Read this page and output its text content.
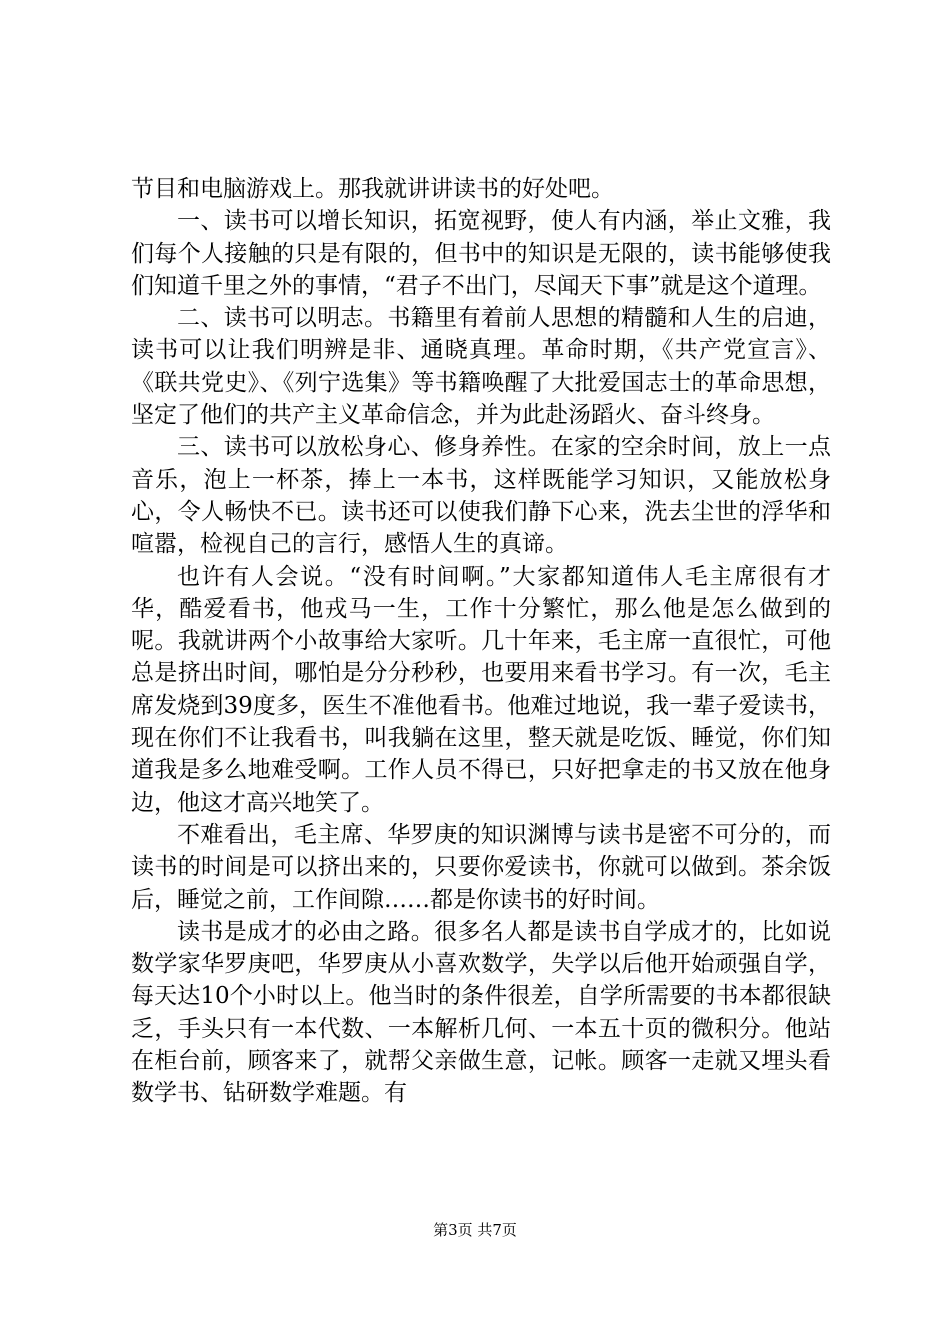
节目和电脑游戏上。那我就讲讲读书的好处吧。

一、读书可以增长知识，拓宽视野，使人有内涵，举止文雅，我们每个人接触的只是有限的，但书中的知识是无限的，读书能够使我们知道千里之外的事情，“君子不出门，尽闻天下事”就是这个道理。

二、读书可以明志。书籍里有着前人思想的精髓和人生的启迪，读书可以让我们明辨是非、通晓真理。革命时期，《共产党宣言》、《联共党史》、《列宁选集》等书籍唤醒了大批爱国志士的革命思想，坚定了他们的共产主义革命信念，并为此赴汤蹈火、奋斗终身。

三、读书可以放松身心、修身养性。在家的空余时间，放上一点音乐，泡上一杯茶，捧上一本书，这样既能学习知识，又能放松身心，令人畅快不已。读书还可以使我们静下心来，洗去尘世的浮华和喧嚣，检视自己的言行，感悟人生的真谛。

也许有人会说。“没有时间啊。”大家都知道伟人毛主席很有才华，酷爱看书，他戎马一生，工作十分繁忙，那么他是怎么做到的呢。我就讲两个小故事给大家听。几十年来，毛主席一直很忙，可他总是挤出时间，哪怕是分分秒秒，也要用来看书学习。有一次，毛主席发烧到39度多，医生不准他看书。他难过地说，我一辈子爱读书，现在你们不让我看书，叫我躺在这里，整天就是吃饭、睡觉，你们知道我是多么地难受啊。工作人员不得已，只好把拿走的书又放在他身边，他这才高兴地笑了。

不难看出，毛主席、华罗庚的知识渊博与读书是密不可分的，而读书的时间是可以挤出来的，只要你爱读书，你就可以做到。茶余饭后，睡觉之前，工作间隙……都是你读书的好时间。

读书是成才的必由之路。很多名人都是读书自学成才的，比如说数学家华罗庚吧，华罗庚从小喜欢数学，失学以后他开始顽强自学，每天达10个小时以上。他当时的条件很差，自学所需要的书本都很缺乏，手头只有一本代数、一本解析几何、一本五十页的微积分。他站在柜台前，顾客来了，就帮父亲做生意，记帐。顾客一走就又埋头看数学书、钻研数学难题。有

第3页 共7页
